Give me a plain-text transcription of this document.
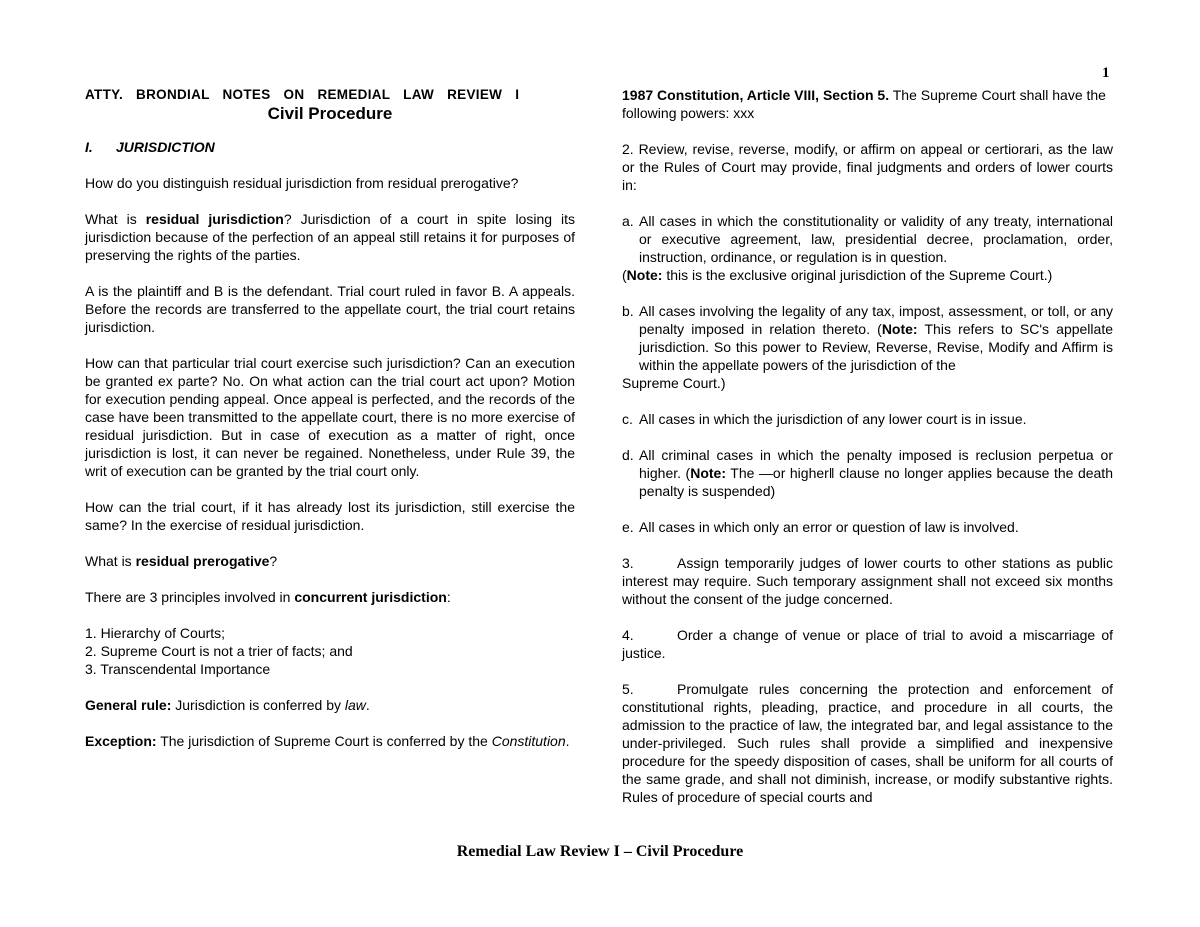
1
ATTY. BRONDIAL NOTES ON REMEDIAL LAW REVIEW I
Civil Procedure
I. JURISDICTION

How do you distinguish residual jurisdiction from residual prerogative?

What is residual jurisdiction? Jurisdiction of a court in spite losing its jurisdiction because of the perfection of an appeal still retains it for purposes of preserving the rights of the parties.

A is the plaintiff and B is the defendant. Trial court ruled in favor B. A appeals. Before the records are transferred to the appellate court, the trial court retains jurisdiction.

How can that particular trial court exercise such jurisdiction? Can an execution be granted ex parte? No. On what action can the trial court act upon? Motion for execution pending appeal. Once appeal is perfected, and the records of the case have been transmitted to the appellate court, there is no more exercise of residual jurisdiction. But in case of execution as a matter of right, once jurisdiction is lost, it can never be regained. Nonetheless, under Rule 39, the writ of execution can be granted by the trial court only.

How can the trial court, if it has already lost its jurisdiction, still exercise the same? In the exercise of residual jurisdiction.

What is residual prerogative?

There are 3 principles involved in concurrent jurisdiction:

1. Hierarchy of Courts;
2. Supreme Court is not a trier of facts; and
3. Transcendental Importance

General rule: Jurisdiction is conferred by law.

Exception: The jurisdiction of Supreme Court is conferred by the Constitution.

1987 Constitution, Article VIII, Section 5. The Supreme Court shall have the following powers: xxx

2. Review, revise, reverse, modify, or affirm on appeal or certiorari, as the law or the Rules of Court may provide, final judgments and orders of lower courts in:

a. All cases in which the constitutionality or validity of any treaty, international or executive agreement, law, presidential decree, proclamation, order, instruction, ordinance, or regulation is in question.

(Note: this is the exclusive original jurisdiction of the Supreme Court.)

b. All cases involving the legality of any tax, impost, assessment, or toll, or any penalty imposed in relation thereto. (Note: This refers to SC's appellate jurisdiction. So this power to Review, Reverse, Revise, Modify and Affirm is within the appellate powers of the jurisdiction of the

Supreme Court.)

c. All cases in which the jurisdiction of any lower court is in issue.
d. All criminal cases in which the penalty imposed is reclusion perpetua or higher. (Note: The ―or higher‖ clause no longer applies because the death penalty is suspended)
e. All cases in which only an error or question of law is involved.
3.	Assign temporarily judges of lower courts to other stations as public interest may require. Such temporary assignment shall not exceed six months without the consent of the judge concerned.
4.	Order a change of venue or place of trial to avoid a miscarriage of justice.
5.	Promulgate rules concerning the protection and enforcement of constitutional rights, pleading, practice, and procedure in all courts, the admission to the practice of law, the integrated bar, and legal assistance to the under-privileged. Such rules shall provide a simplified and inexpensive procedure for the speedy disposition of cases, shall be uniform for all courts of the same grade, and shall not diminish, increase, or modify substantive rights. Rules of procedure of special courts and
Remedial Law Review I – Civil Procedure
